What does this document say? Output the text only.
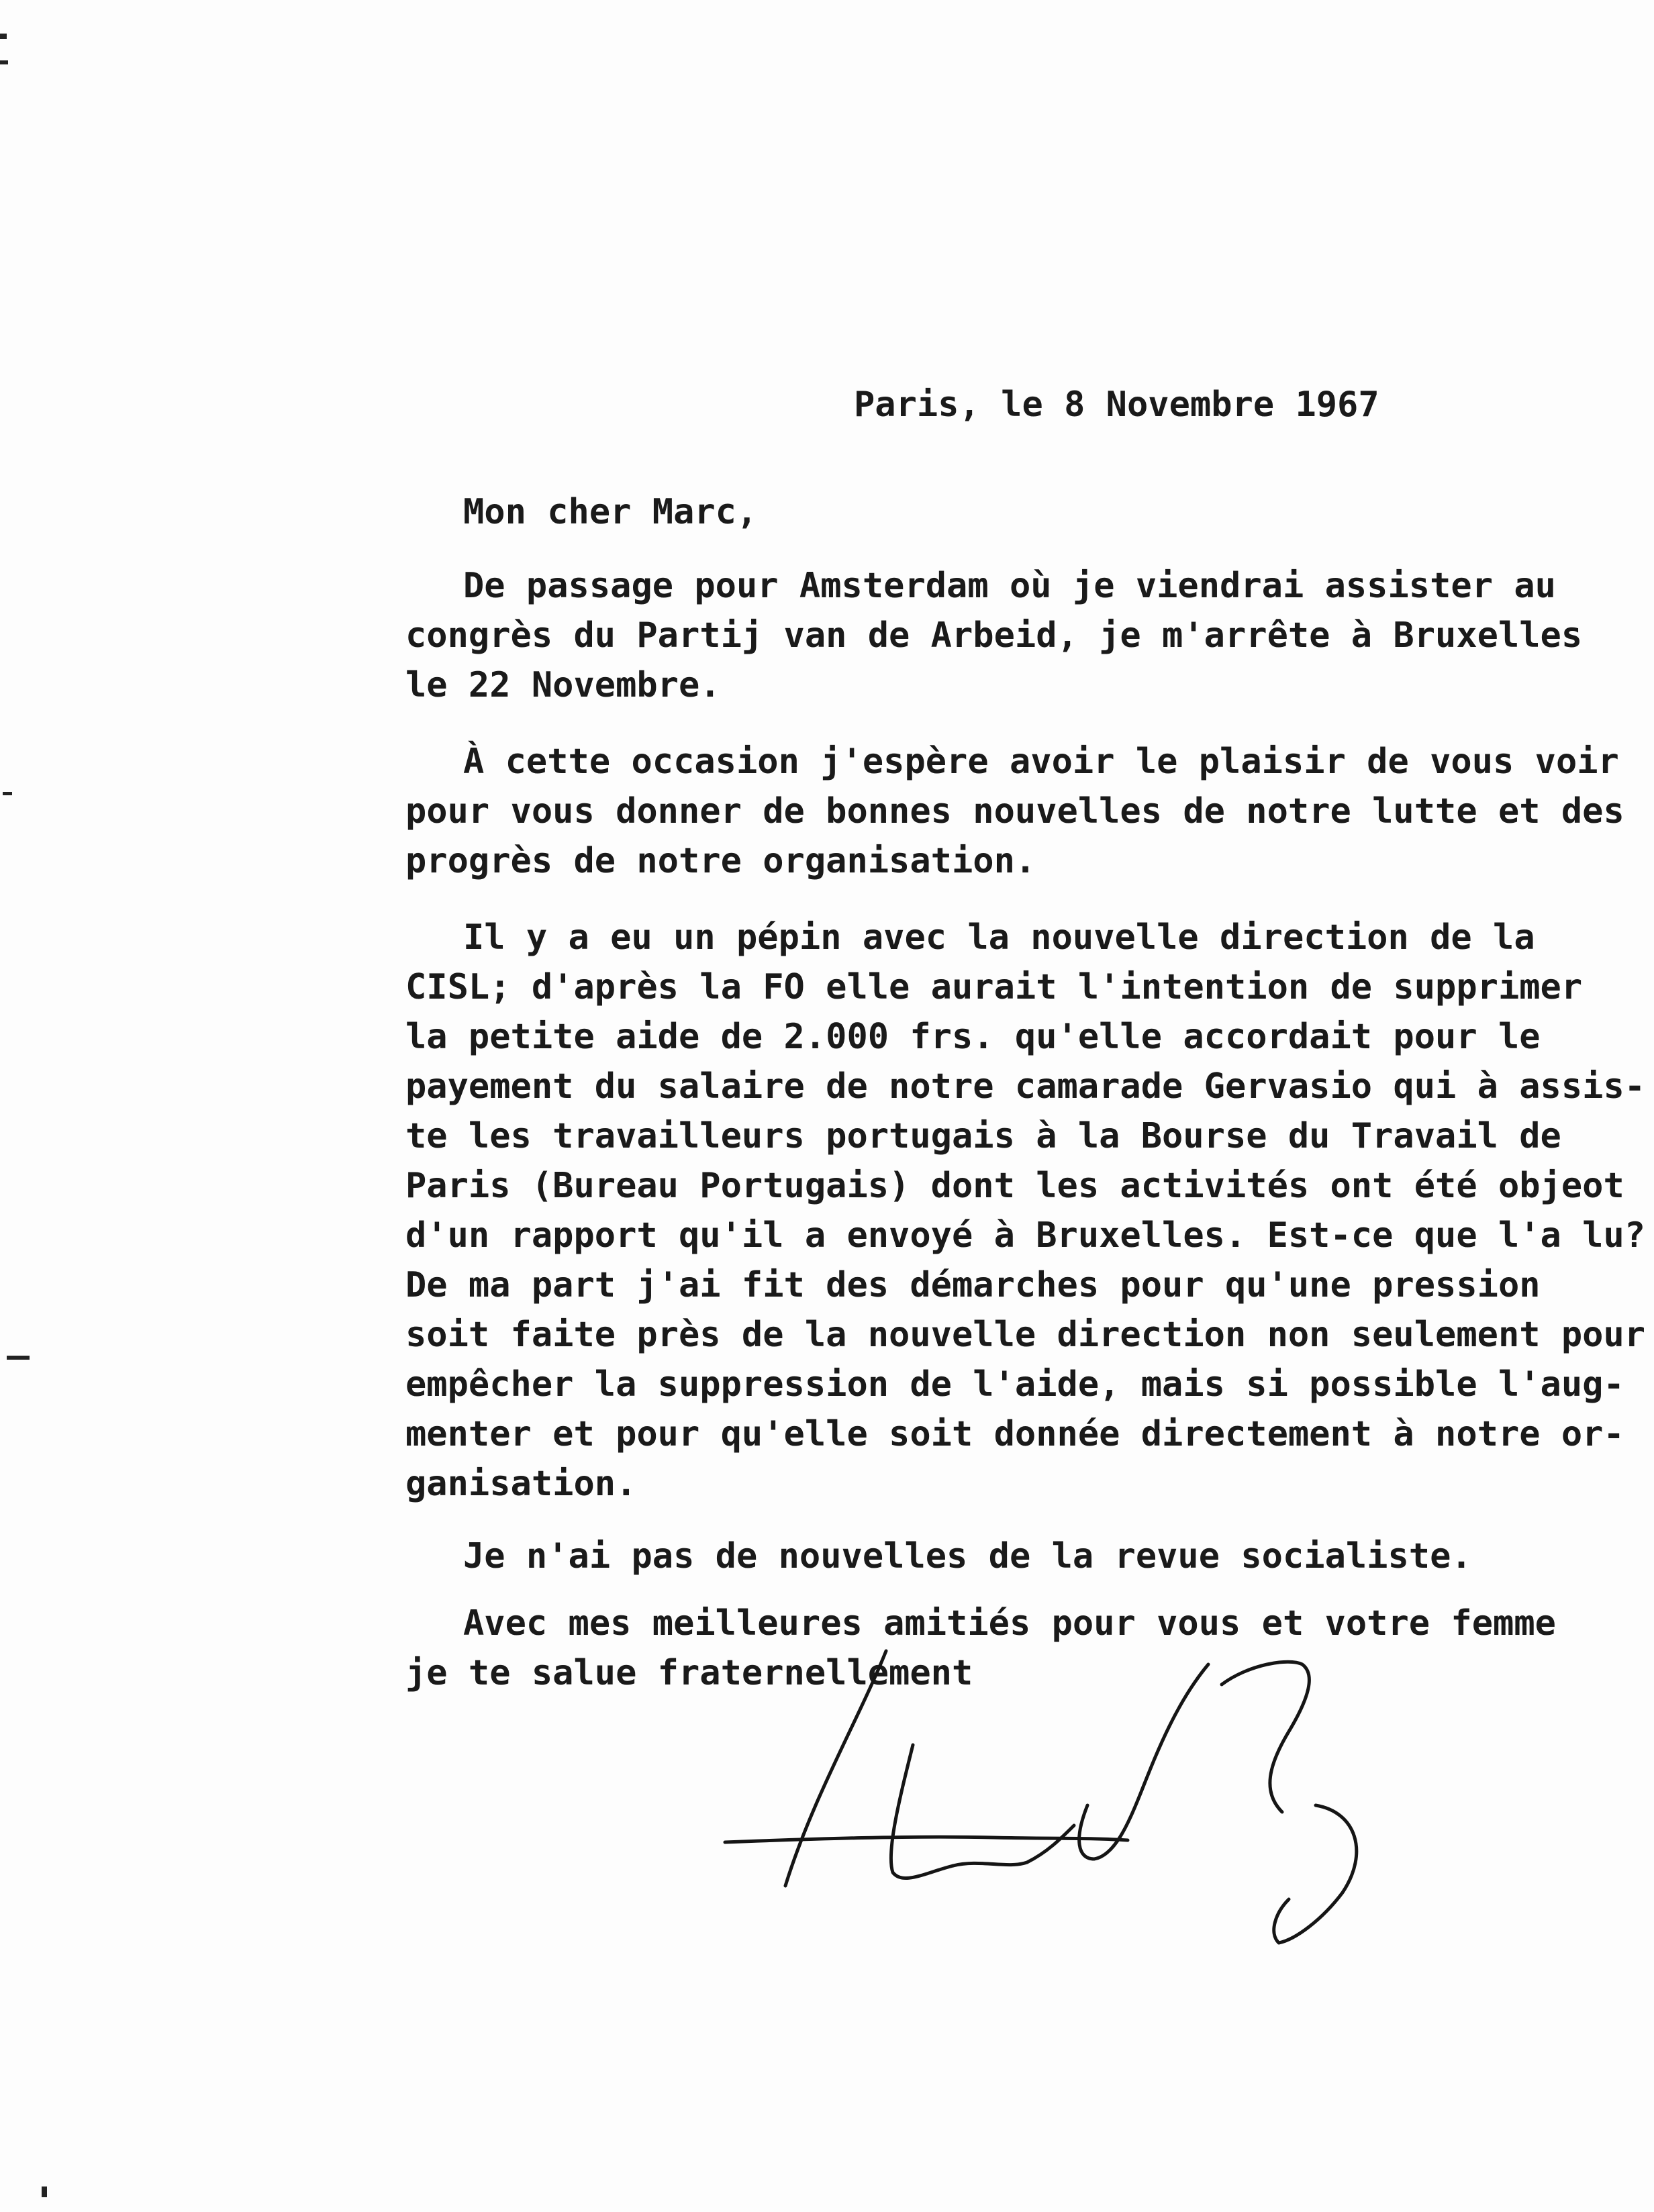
Paris, le 8 Novembre 1967
Mon cher Marc,
De passage pour Amsterdam où je viendrai assister au
congrès du Partij van de Arbeid, je m'arrête à Bruxelles
le 22 Novembre.
À cette occasion j'espère avoir le plaisir de vous voir
pour vous donner de bonnes nouvelles de notre lutte et des
progrès de notre organisation.
Il y a eu un pépin avec la nouvelle direction de la
CISL; d'après la FO elle aurait l'intention de supprimer
la petite aide de 2.000 frs. qu'elle accordait pour le
payement du salaire de notre camarade Gervasio qui à assis-
te les travailleurs portugais à la Bourse du Travail de
Paris (Bureau Portugais) dont les activités ont été objeot
d'un rapport qu'il a envoyé à Bruxelles. Est-ce que l'a lu?
De ma part j'ai fit des démarches pour qu'une pression
soit faite près de la nouvelle direction non seulement pour
empêcher la suppression de l'aide, mais si possible l'aug-
menter et pour qu'elle soit donnée directement à notre or-
ganisation.
Je n'ai pas de nouvelles de la revue socialiste.
Avec mes meilleures amitiés pour vous et votre femme
je te salue fraternellement
